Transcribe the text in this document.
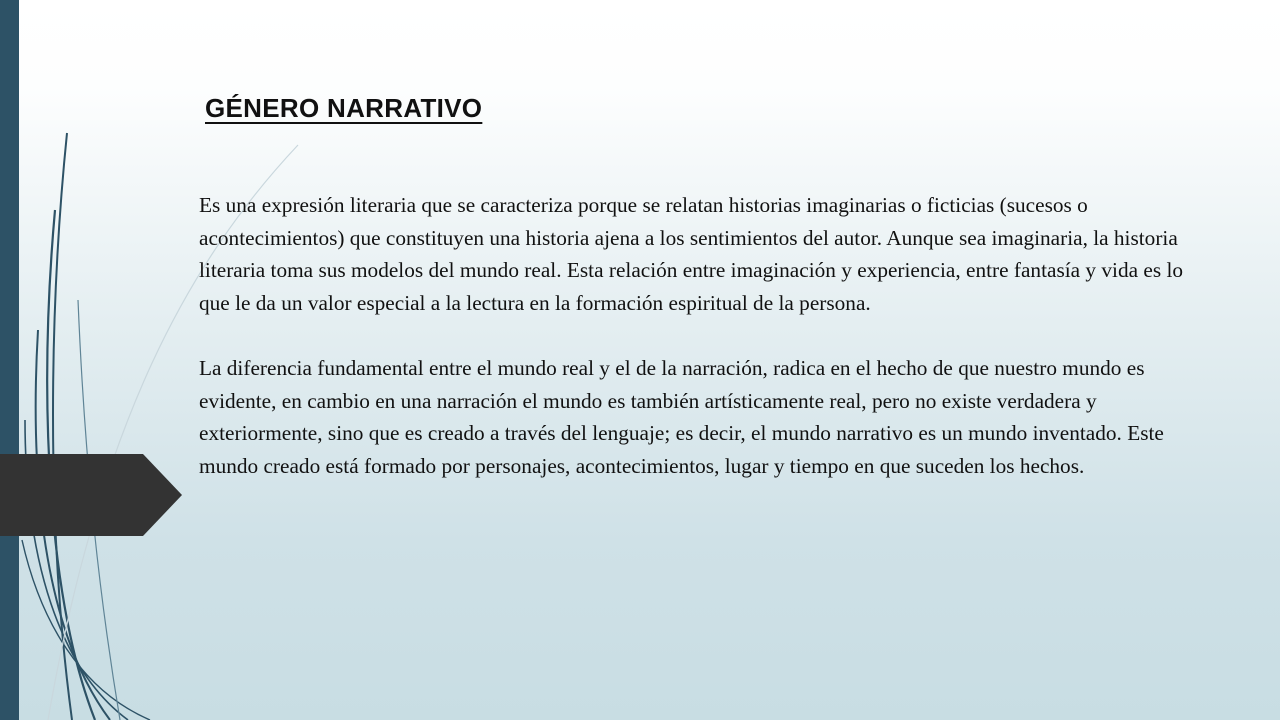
GÉNERO NARRATIVO

Es una expresión literaria que se caracteriza porque se relatan historias imaginarias o ficticias (sucesos o acontecimientos) que constituyen una historia ajena a los sentimientos del autor. Aunque sea imaginaria, la historia literaria toma sus modelos del mundo real. Esta relación entre imaginación y experiencia, entre fantasía y vida es lo que le da un valor especial a la lectura en la formación espiritual de la persona.

La diferencia fundamental entre el mundo real y el de la narración, radica en el hecho de que nuestro mundo es evidente, en cambio en una narración el mundo es también artísticamente real, pero no existe verdadera y exteriormente, sino que es creado a través del lenguaje; es decir, el mundo narrativo es un mundo inventado. Este mundo creado está formado por personajes, acontecimientos, lugar y tiempo en que suceden los hechos.
